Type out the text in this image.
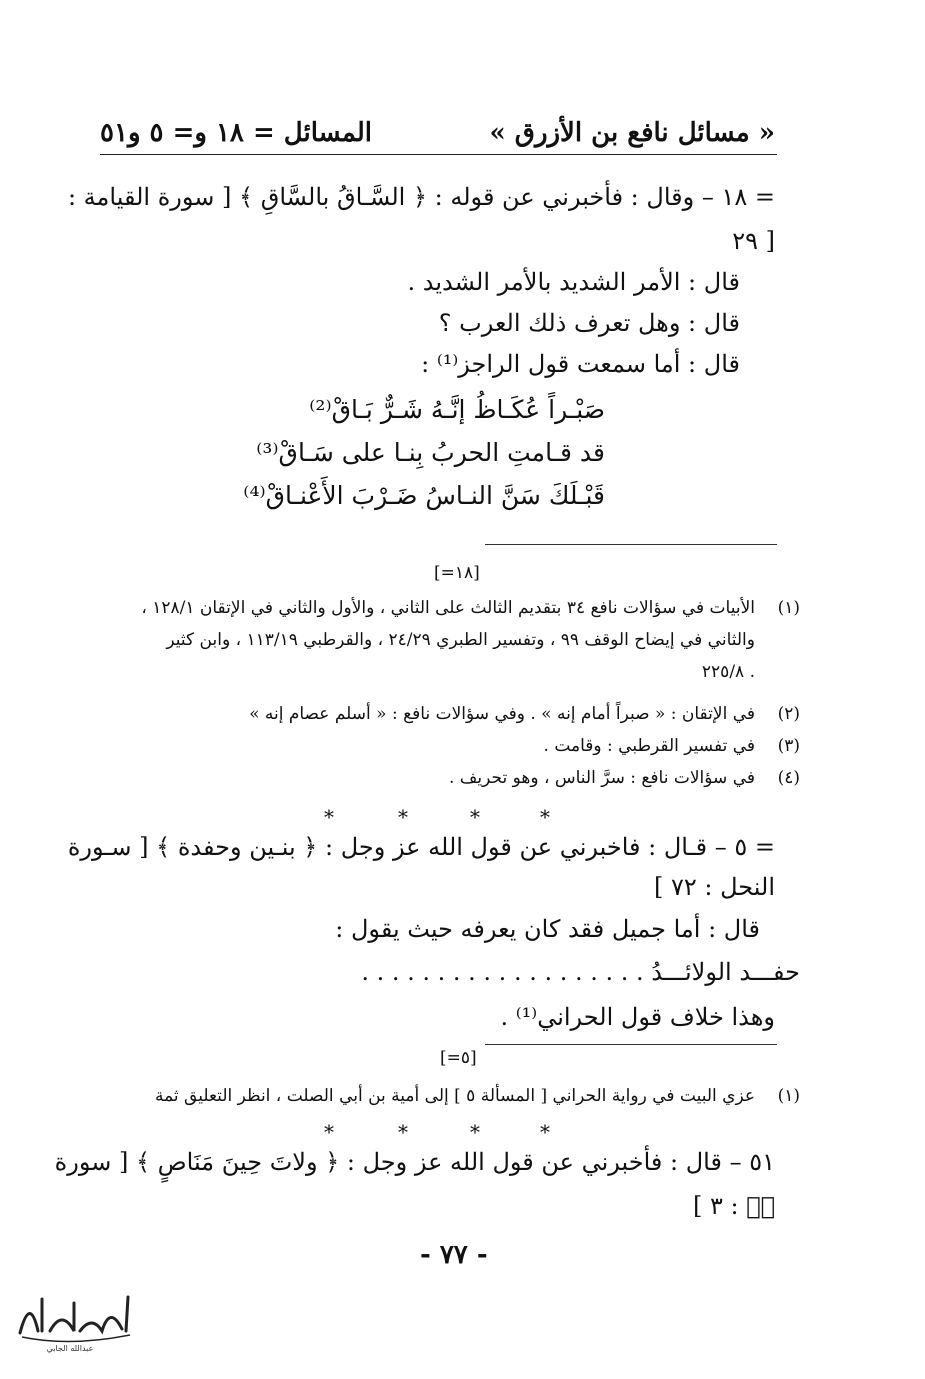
« مسائل نافع بن الأزرق »
المسائل = ١٨ و= ٥ و٥١
= ١٨ – وقال : فأخبرني عن قوله : ﴿ السَّـاقُ بالسَّاقِ ﴾ [ سورة القيامة :
٢٩ ]
قال : الأمر الشديد بالأمر الشديد .
قال : وهل تعرف ذلك العرب ؟
قال : أما سمعت قول الراجز⁽¹⁾ :
صَبْـراً عُكَـاظُ إنَّـهُ شَـرٌّ بَـاقْ⁽²⁾
قد قـامتِ الحربُ بِنـا على سَـاقْ⁽³⁾
قَبْـلَكَ سَنَّ النـاسُ ضَـرْبَ الأَعْنـاقْ⁽⁴⁾
[=١٨]
(١)
الأبيات في سؤالات نافع ٣٤ بتقديم الثالث على الثاني ، والأول والثاني في الإتقان ١٢٨/١ ،
والثاني في إيضاح الوقف ٩٩ ، وتفسير الطبري ٢٤/٢٩ ، والقرطبي ١١٣/١٩ ، وابن كثير
٢٢٥/٨ .
(٢)
في الإتقان : « صبراً أمام إنه » . وفي سؤالات نافع : « أسلم عصام إنه »
(٣)
في تفسير القرطبي : وقامت .
(٤)
في سؤالات نافع : سرَّ الناس ، وهو تحريف .
*	*	*	*
= ٥ – قـال : فاخبرني عن قول الله عز وجل : ﴿ بنـين وحفدة ﴾ [ سـورة
النحل : ٧٢ ]
قال : أما جميل فقد كان يعرفه حيث يقول :
حفـــد الولائـــدُ . . . . . . . . . . . . . . . . . . .
وهذا خلاف قول الحراني⁽¹⁾ .
[=٥]
(١)
عزي البيت في رواية الحراني [ المسألة ٥ ] إلى أمية بن أبي الصلت ، انظر التعليق ثمة
*	*	*	*
٥١ – قال : فأخبرني عن قول الله عز وجل : ﴿ ولاتَ حِينَ مَنَاصٍ ﴾ [ سورة
صۤ : ٣ ]
- ٧٧ -
عبدالله الجابي
